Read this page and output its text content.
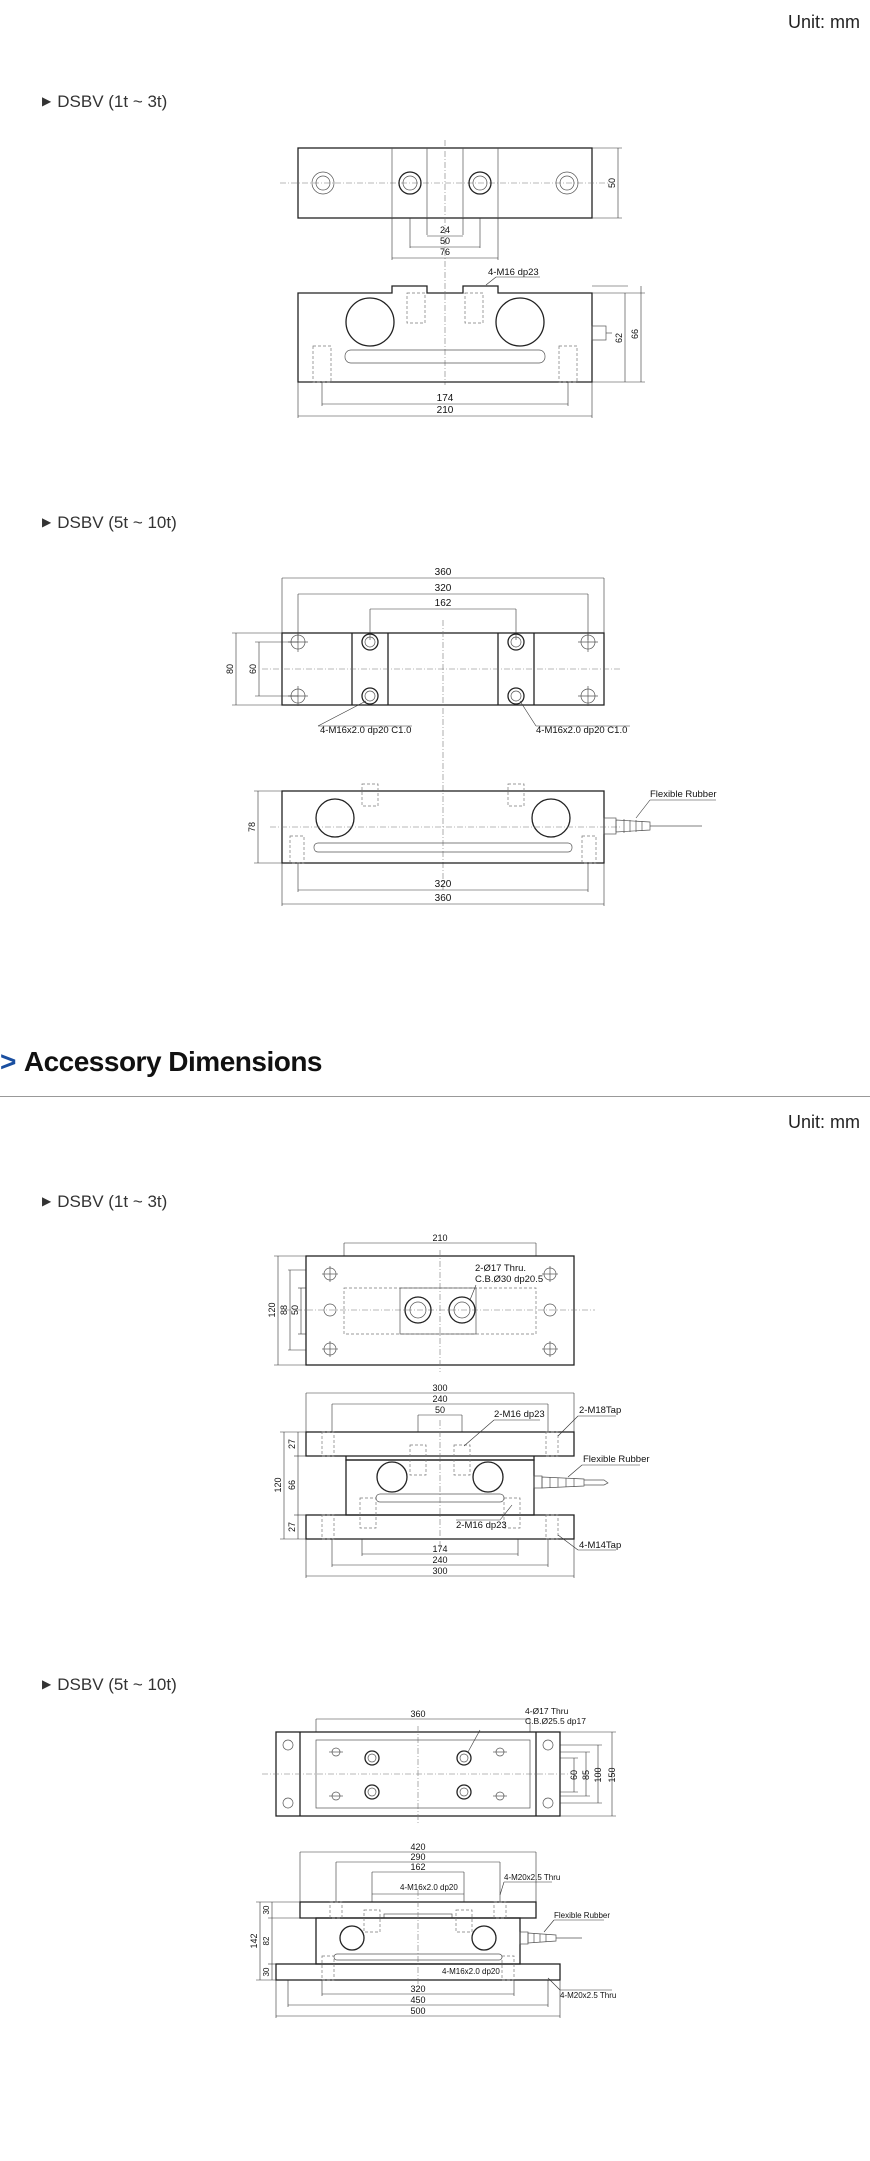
Unit: mm
▶ DSBV (1t ~ 3t)
24
50
76
50
4-M16 dp23
62 66
174
210
▶ DSBV (5t ~ 10t)
360
320
162
80 60
4-M16x2.0 dp20 C1.0	4-M16x2.0 dp20 C1.0
Flexible Rubber
78
320
360
> Accessory Dimensions
Unit: mm
▶ DSBV (1t ~ 3t)
210
2-Ø17 Thru.
C.B.Ø30 dp20.5
120 88 50
300
240
50
Flexible Rubber
2-M16 dp23	2-M18Tap
2-M16 dp23
4-M14Tap
120
27
66
27
174
240
300
▶ DSBV (5t ~ 10t)
360	4-Ø17 Thru
C.B.Ø25.5 dp17
60 85 100 150
420
290
162
4-M16x2.0 dp20
4-M20x2.5 Thru
Flexible Rubber
4-M16x2.0 dp20
4-M20x2.5 Thru
142
30
82
30
320
450
500
